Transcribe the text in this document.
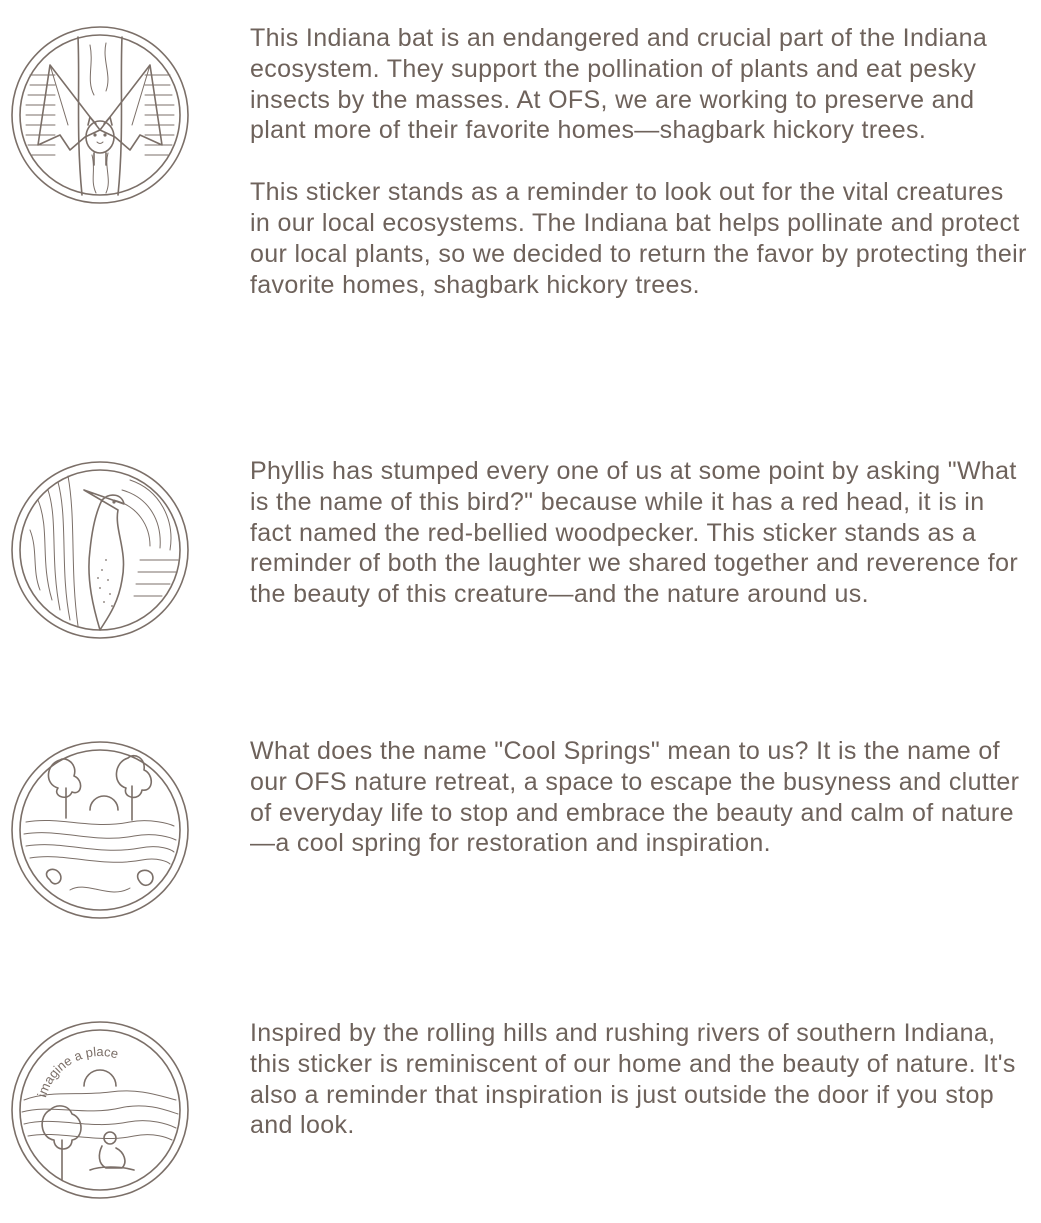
This Indiana bat is an endangered and crucial part of the Indiana ecosystem. They support the pollination of plants and eat pesky insects by the masses. At OFS, we are working to preserve and plant more of their favorite homes—shagbark hickory trees.

This sticker stands as a reminder to look out for the vital creatures in our local ecosystems. The Indiana bat helps pollinate and protect our local plants, so we decided to return the favor by protecting their favorite homes, shagbark hickory trees.

Phyllis has stumped every one of us at some point by asking "What is the name of this bird?" because while it has a red head, it is in fact named the red-bellied woodpecker. This sticker stands as a reminder of both the laughter we shared together and reverence for the beauty of this creature—and the nature around us.

What does the name "Cool Springs" mean to us? It is the name of our OFS nature retreat, a space to escape the busyness and clutter of everyday life to stop and embrace the beauty and calm of nature—a cool spring for restoration and inspiration.

imagine a place

Inspired by the rolling hills and rushing rivers of southern Indiana, this sticker is reminiscent of our home and the beauty of nature. It's also a reminder that inspiration is just outside the door if you stop and look.
